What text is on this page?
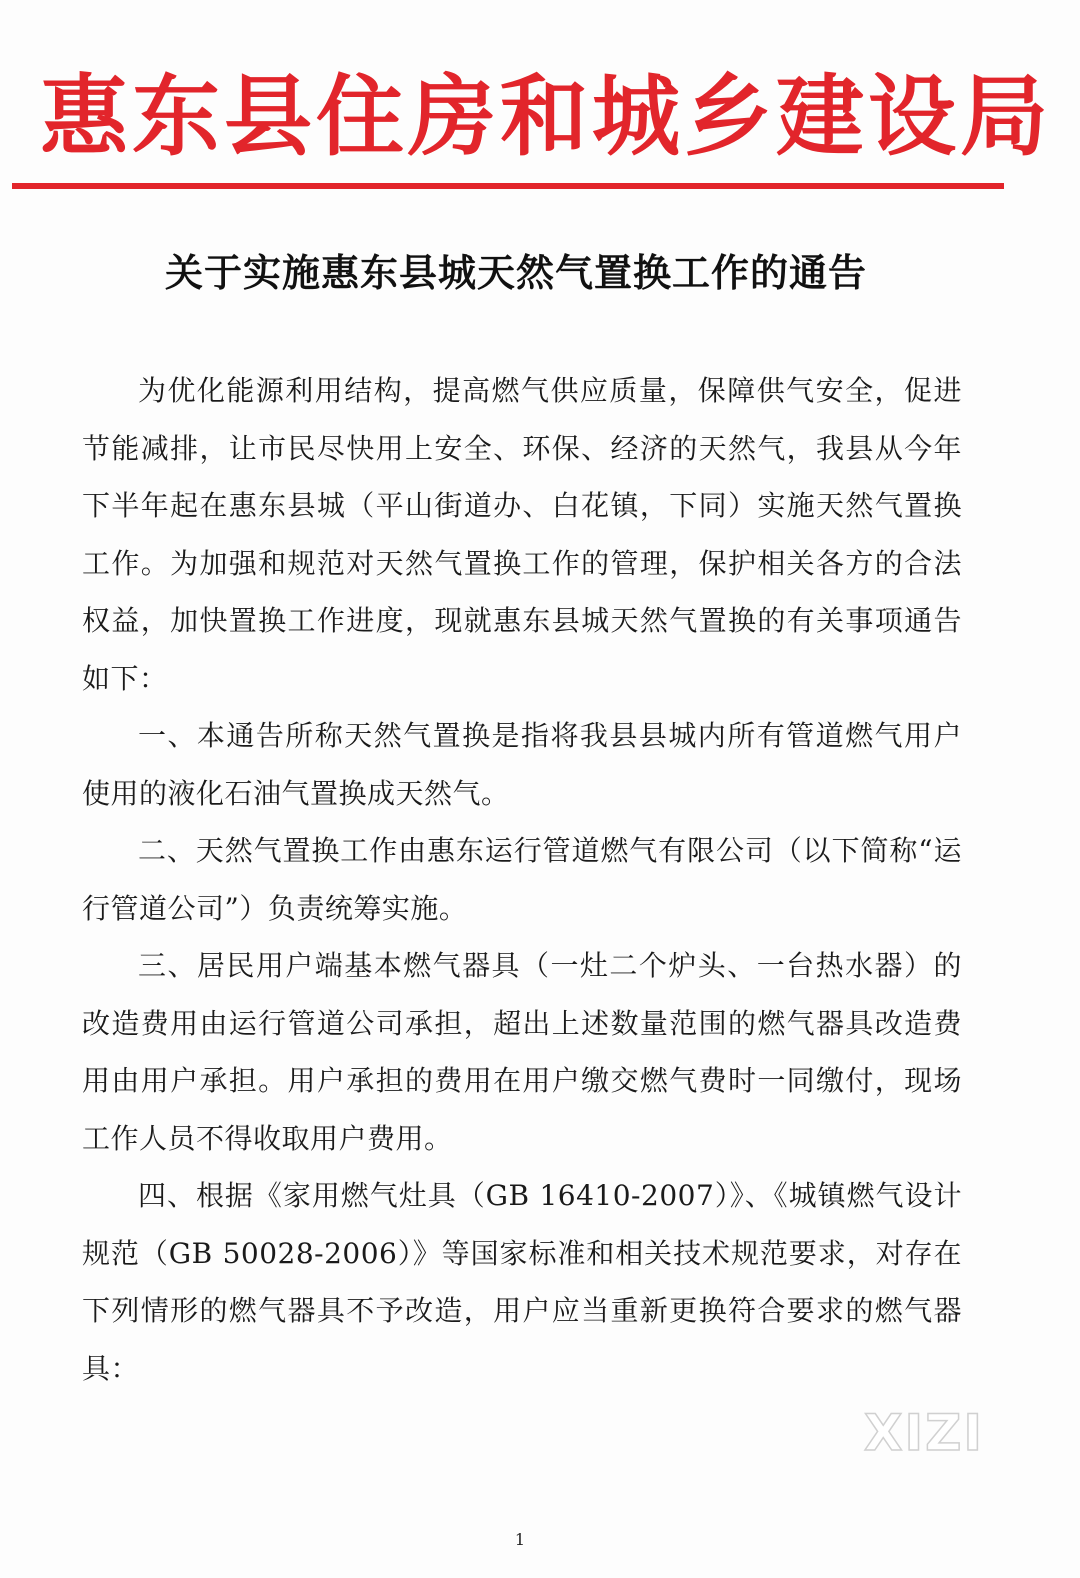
惠东县住房和城乡建设局
关于实施惠东县城天然气置换工作的通告

为优化能源利用结构，提高燃气供应质量，保障供气安全，促进节能减排，让市民尽快用上安全、环保、经济的天然气，我县从今年下半年起在惠东县城（平山街道办、白花镇，下同）实施天然气置换工作。为加强和规范对天然气置换工作的管理，保护相关各方的合法权益，加快置换工作进度，现就惠东县城天然气置换的有关事项通告如下：

一、本通告所称天然气置换是指将我县县城内所有管道燃气用户使用的液化石油气置换成天然气。

二、天然气置换工作由惠东运行管道燃气有限公司（以下简称“运行管道公司”）负责统筹实施。

三、居民用户端基本燃气器具（一灶二个炉头、一台热水器）的改造费用由运行管道公司承担，超出上述数量范围的燃气器具改造费用由用户承担。用户承担的费用在用户缴交燃气费时一同缴付，现场工作人员不得收取用户费用。

四、根据《家用燃气灶具（GB 16410-2007）》、《城镇燃气设计规范（GB 50028-2006）》等国家标准和相关技术规范要求，对存在下列情形的燃气器具不予改造，用户应当重新更换符合要求的燃气器具：

XIZI
1
